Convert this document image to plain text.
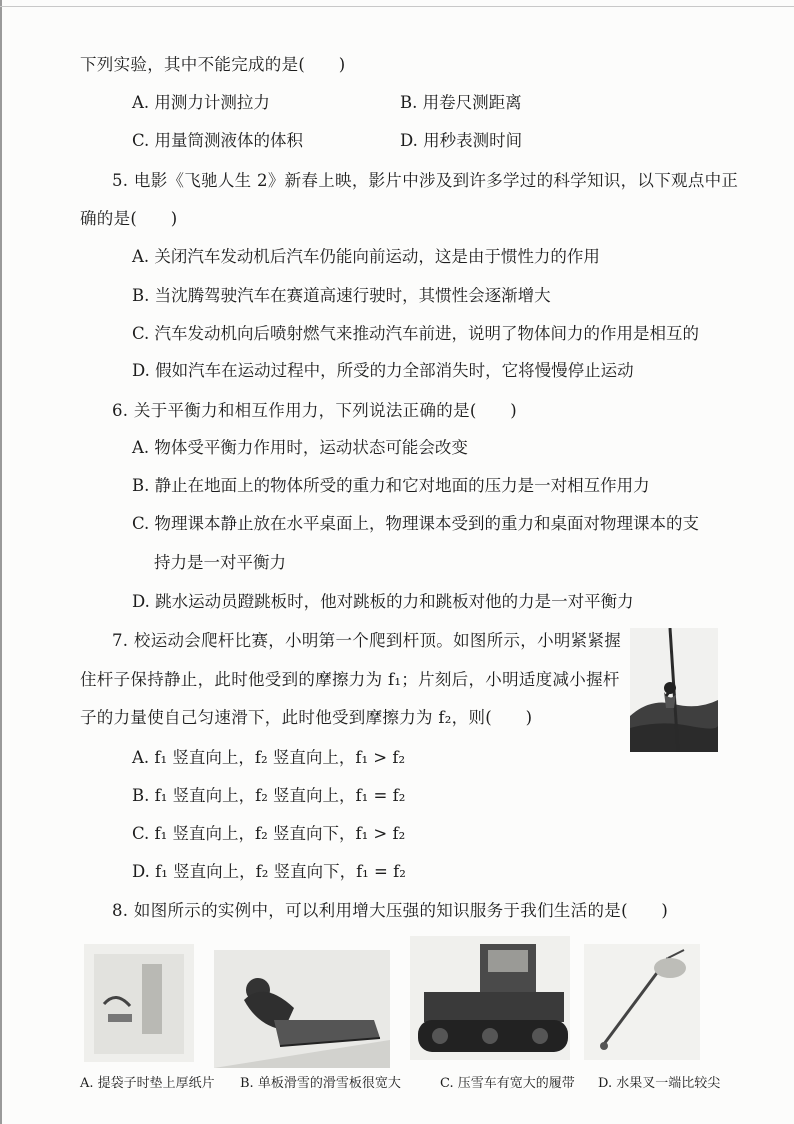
下列实验，其中不能完成的是(　　)
A. 用测力计测拉力	B. 用卷尺测距离
C. 用量筒测液体的体积	D. 用秒表测时间
5. 电影《飞驰人生 2》新春上映，影片中涉及到许多学过的科学知识，以下观点中正
确的是(　　)
A. 关闭汽车发动机后汽车仍能向前运动，这是由于惯性力的作用
B. 当沈腾驾驶汽车在赛道高速行驶时，其惯性会逐渐增大
C. 汽车发动机向后喷射燃气来推动汽车前进，说明了物体间力的作用是相互的
D. 假如汽车在运动过程中，所受的力全部消失时，它将慢慢停止运动
6. 关于平衡力和相互作用力，下列说法正确的是(　　)
A. 物体受平衡力作用时，运动状态可能会改变
B. 静止在地面上的物体所受的重力和它对地面的压力是一对相互作用力
C. 物理课本静止放在水平桌面上，物理课本受到的重力和桌面对物理课本的支
持力是一对平衡力
D. 跳水运动员蹬跳板时，他对跳板的力和跳板对他的力是一对平衡力
7. 校运动会爬杆比赛，小明第一个爬到杆顶。如图所示，小明紧紧握
住杆子保持静止，此时他受到的摩擦力为 f₁；片刻后，小明适度减小握杆
子的力量使自己匀速滑下，此时他受到摩擦力为 f₂，则(　　)
A. f₁ 竖直向上，f₂ 竖直向上，f₁ > f₂
B. f₁ 竖直向上，f₂ 竖直向上，f₁ = f₂
C. f₁ 竖直向上，f₂ 竖直向下，f₁ > f₂
D. f₁ 竖直向上，f₂ 竖直向下，f₁ = f₂
8. 如图所示的实例中，可以利用增大压强的知识服务于我们生活的是(　　)
A. 提袋子时垫上厚纸片 B. 单板滑雪的滑雪板很宽大	C. 压雪车有宽大的履带 D. 水果叉一端比较尖
